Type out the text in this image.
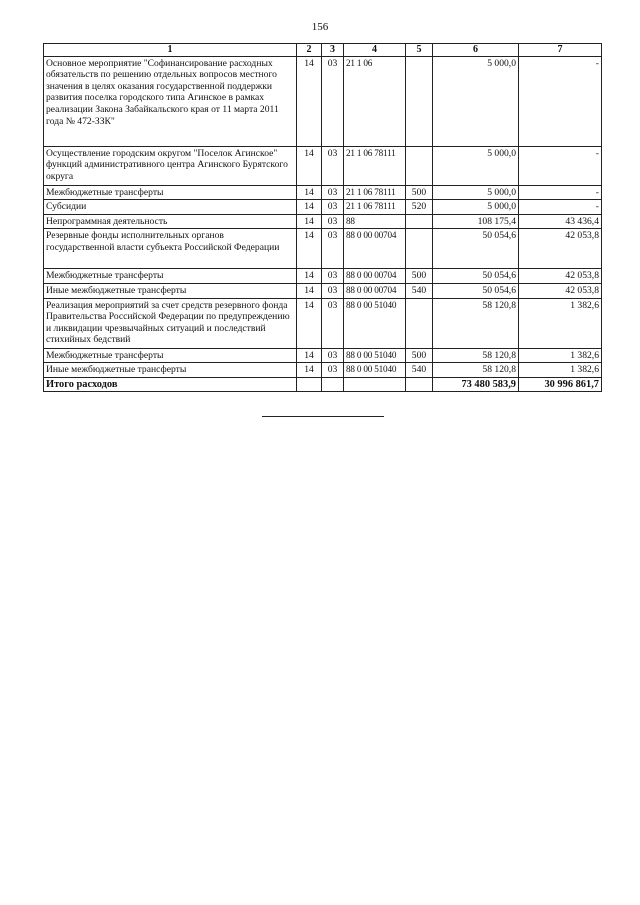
156
1	2	3	4	5	6	7
Основное мероприятие "Софинансирование расходных обязательств по решению отдельных вопросов местного значения в целях оказания государственной поддержки развития поселка городского типа Агинское в рамках реализации Закона Забайкальского края от 11 марта 2011 года № 472-ЗЗК"	14	03	21 1 06		5 000,0	-
Осуществление городским округом "Поселок Агинское" функций административного центра Агинского Бурятского округа	14	03	21 1 06 78111		5 000,0	-
Межбюджетные трансферты	14	03	21 1 06 78111	500	5 000,0	-
Субсидии	14	03	21 1 06 78111	520	5 000,0	-
Непрограммная деятельность	14	03	88		108 175,4	43 436,4
Резервные фонды исполнительных органов государственной власти субъекта Российской Федерации	14	03	88 0 00 00704		50 054,6	42 053,8
Межбюджетные трансферты	14	03	88 0 00 00704	500	50 054,6	42 053,8
Иные межбюджетные трансферты	14	03	88 0 00 00704	540	50 054,6	42 053,8
Реализация мероприятий за счет средств резервного фонда Правительства Российской Федерации по предупреждению и ликвидации чрезвычайных ситуаций и последствий стихийных бедствий	14	03	88 0 00 51040		58 120,8	1 382,6
Межбюджетные трансферты	14	03	88 0 00 51040	500	58 120,8	1 382,6
Иные межбюджетные трансферты	14	03	88 0 00 51040	540	58 120,8	1 382,6
Итого расходов					73 480 583,9	30 996 861,7
